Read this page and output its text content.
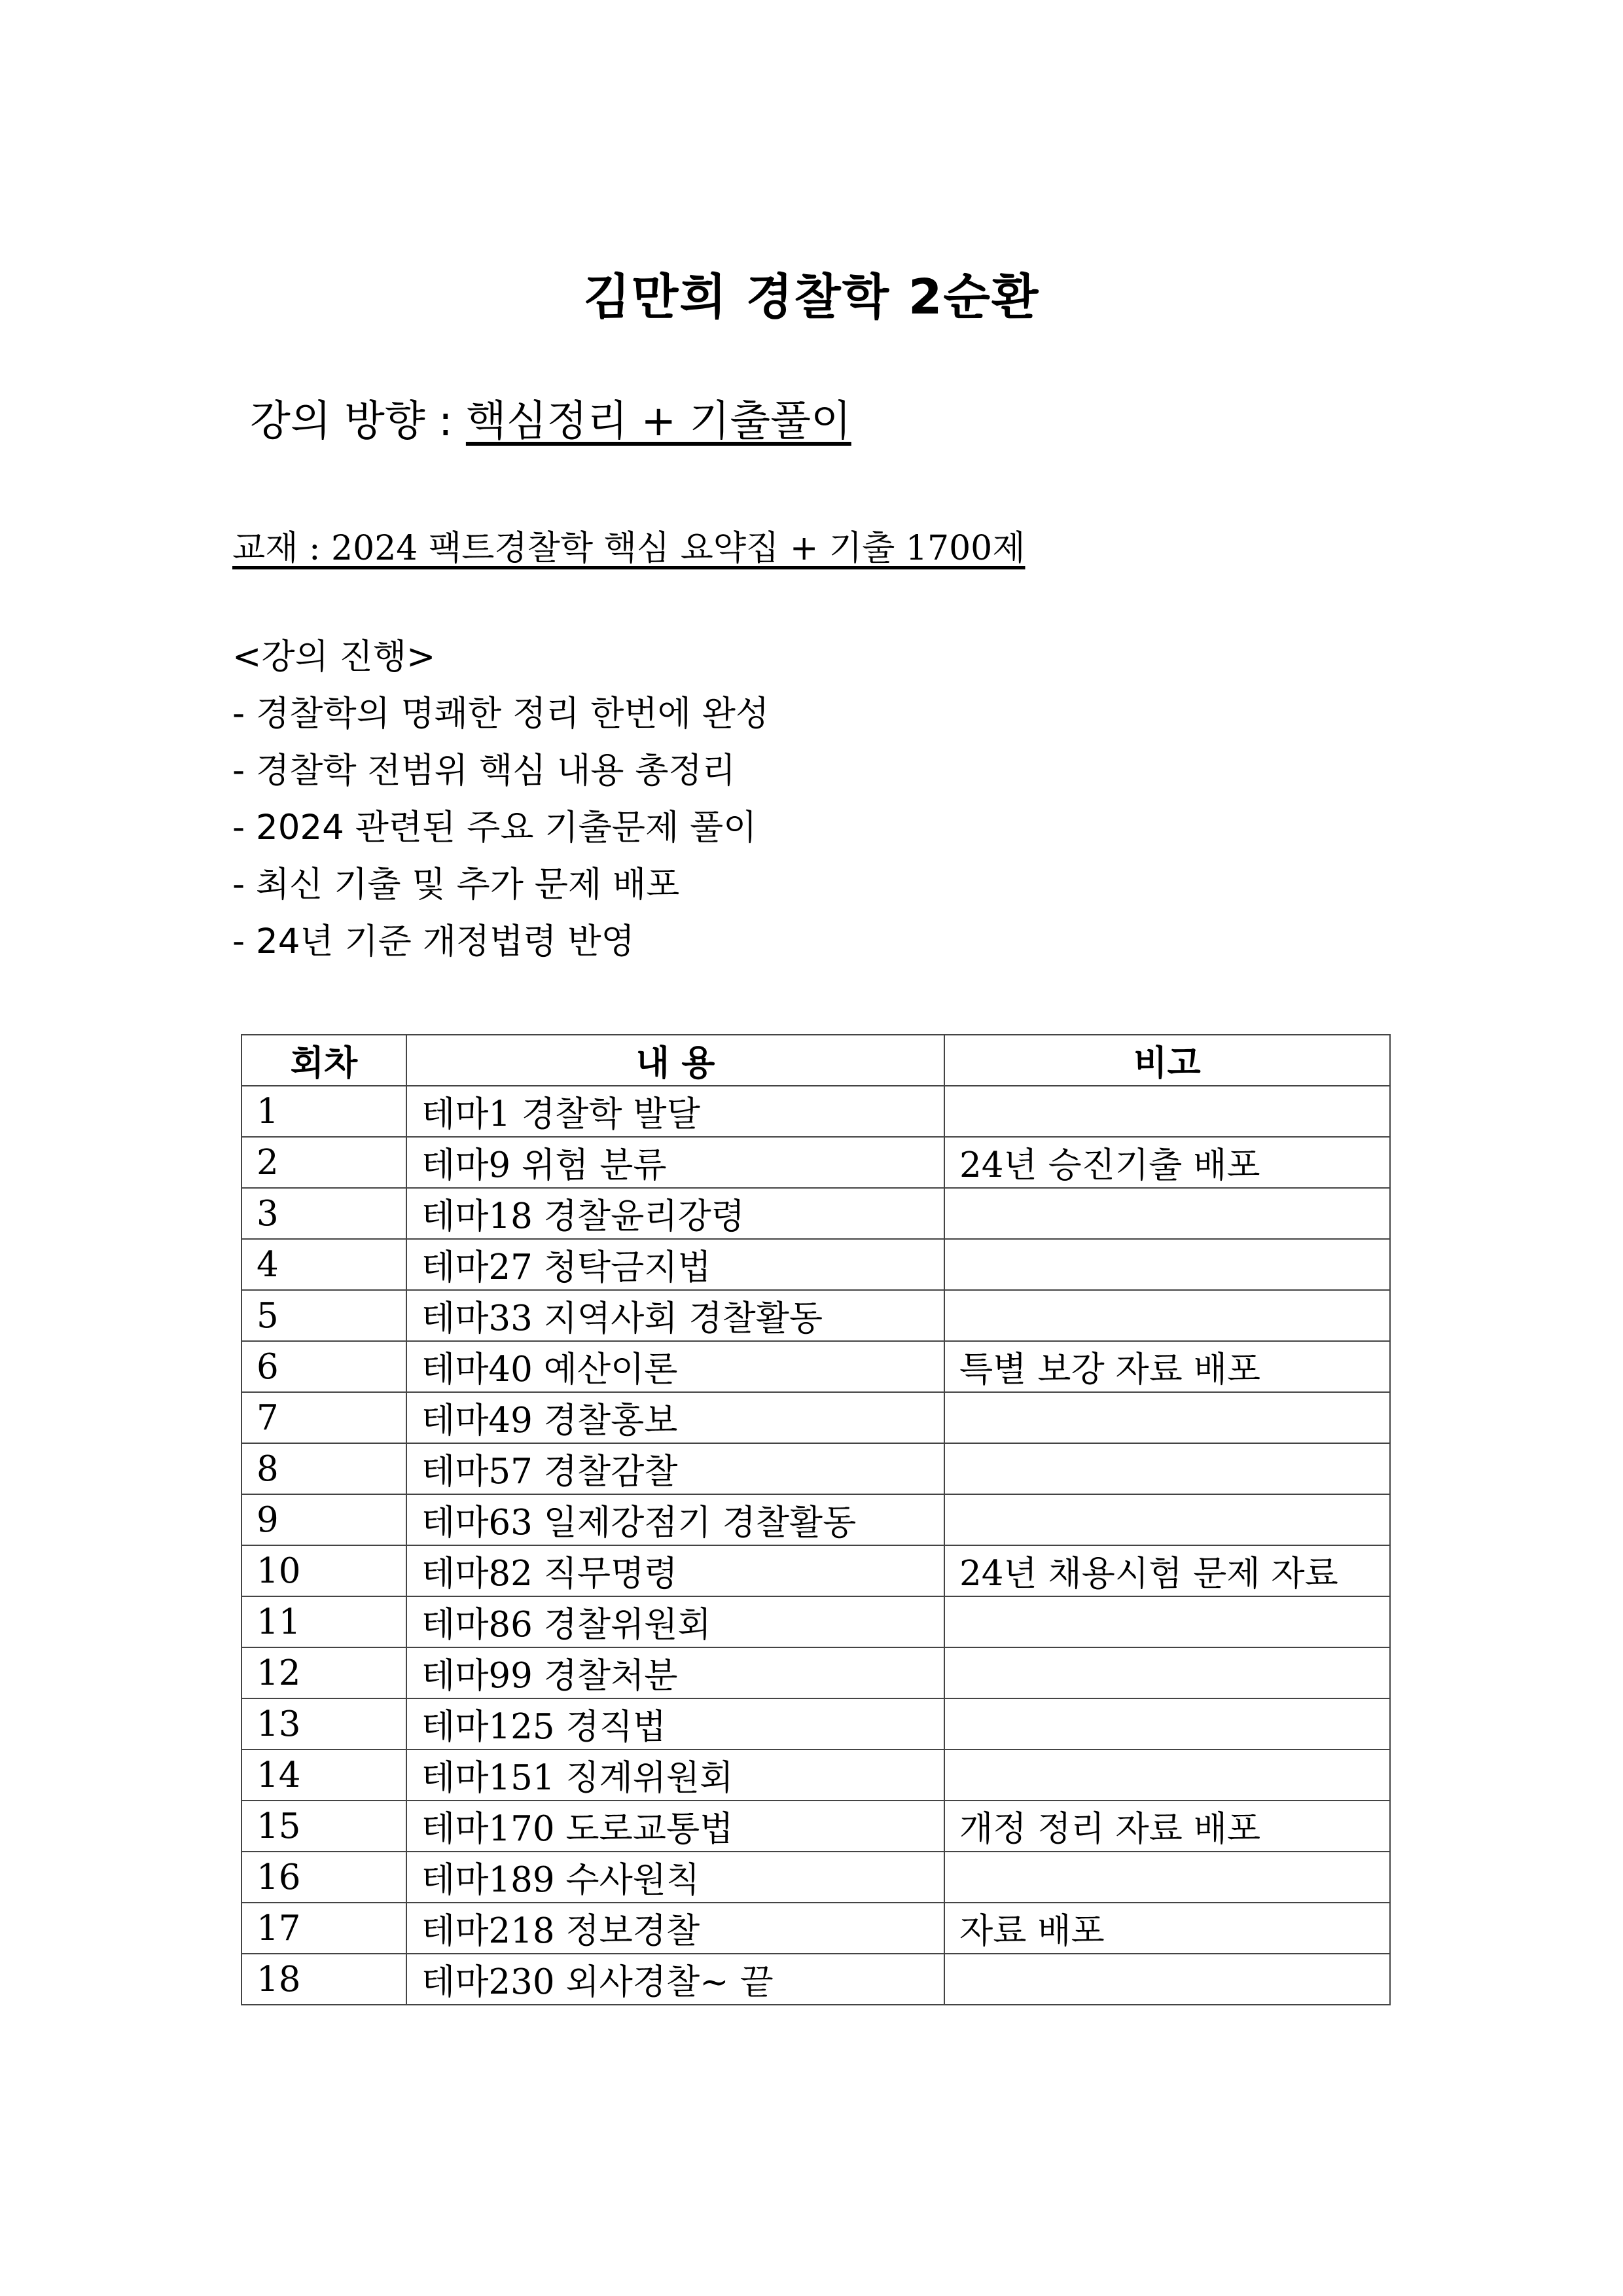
김만희 경찰학 2순환
강의 방향 : 핵심정리 + 기출풀이
교재 : 2024 팩트경찰학 핵심 요약집 + 기출 1700제
<강의 진행>
- 경찰학의 명쾌한 정리 한번에 완성
- 경찰학 전범위 핵심 내용 총정리
- 2024 관련된 주요 기출문제 풀이
- 최신 기출 및 추가 문제 배포
- 24년 기준 개정법령 반영
회차	내 용	비고
1	테마1 경찰학 발달	
2	테마9 위험 분류	24년 승진기출 배포
3	테마18 경찰윤리강령	
4	테마27 청탁금지법	
5	테마33 지역사회 경찰활동	
6	테마40 예산이론	특별 보강 자료 배포
7	테마49 경찰홍보	
8	테마57 경찰감찰	
9	테마63 일제강점기 경찰활동	
10	테마82 직무명령	24년 채용시험 문제 자료
11	테마86 경찰위원회	
12	테마99 경찰처분	
13	테마125 경직법	
14	테마151 징계위원회	
15	테마170 도로교통법	개정 정리 자료 배포
16	테마189 수사원칙	
17	테마218 정보경찰	자료 배포
18	테마230 외사경찰~ 끝	
